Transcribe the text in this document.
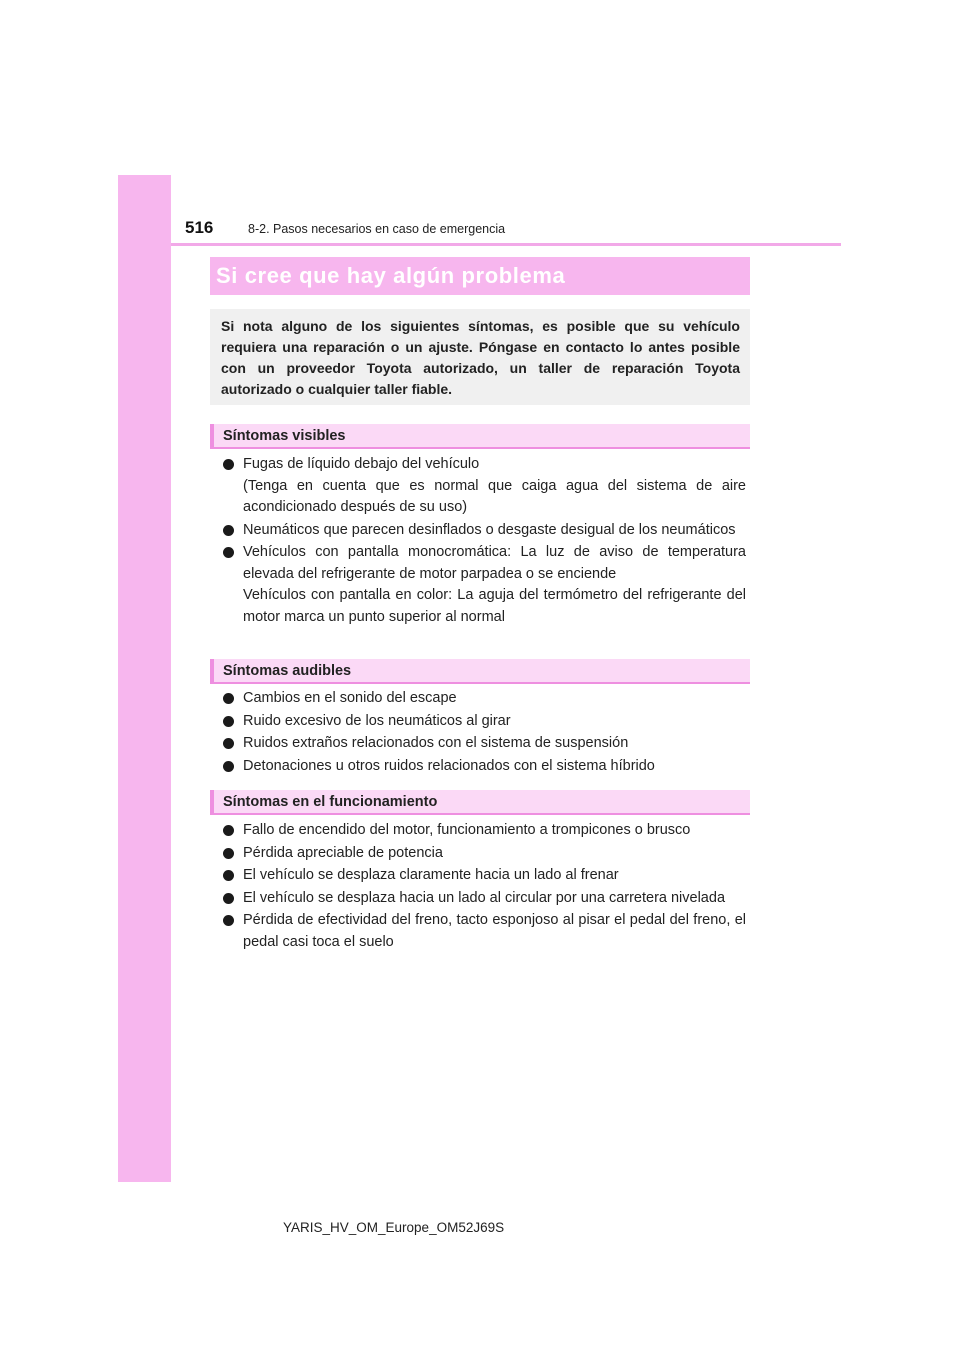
516	8-2. Pasos necesarios en caso de emergencia
Si cree que hay algún problema

Si nota alguno de los siguientes síntomas, es posible que su vehículo requiera una reparación o un ajuste. Póngase en contacto lo antes posible con un proveedor Toyota autorizado, un taller de reparación Toyota autorizado o cualquier taller fiable.

Síntomas visibles
Fugas de líquido debajo del vehículo
(Tenga en cuenta que es normal que caiga agua del sistema de aire acondicionado después de su uso)
Neumáticos que parecen desinflados o desgaste desigual de los neumáticos
Vehículos con pantalla monocromática: La luz de aviso de temperatura elevada del refrigerante de motor parpadea o se enciende
Vehículos con pantalla en color: La aguja del termómetro del refrigerante del motor marca un punto superior al normal
Síntomas audibles
Cambios en el sonido del escape
Ruido excesivo de los neumáticos al girar
Ruidos extraños relacionados con el sistema de suspensión
Detonaciones u otros ruidos relacionados con el sistema híbrido
Síntomas en el funcionamiento
Fallo de encendido del motor, funcionamiento a trompicones o brusco
Pérdida apreciable de potencia
El vehículo se desplaza claramente hacia un lado al frenar
El vehículo se desplaza hacia un lado al circular por una carretera nivelada
Pérdida de efectividad del freno, tacto esponjoso al pisar el pedal del freno, el pedal casi toca el suelo
YARIS_HV_OM_Europe_OM52J69S
